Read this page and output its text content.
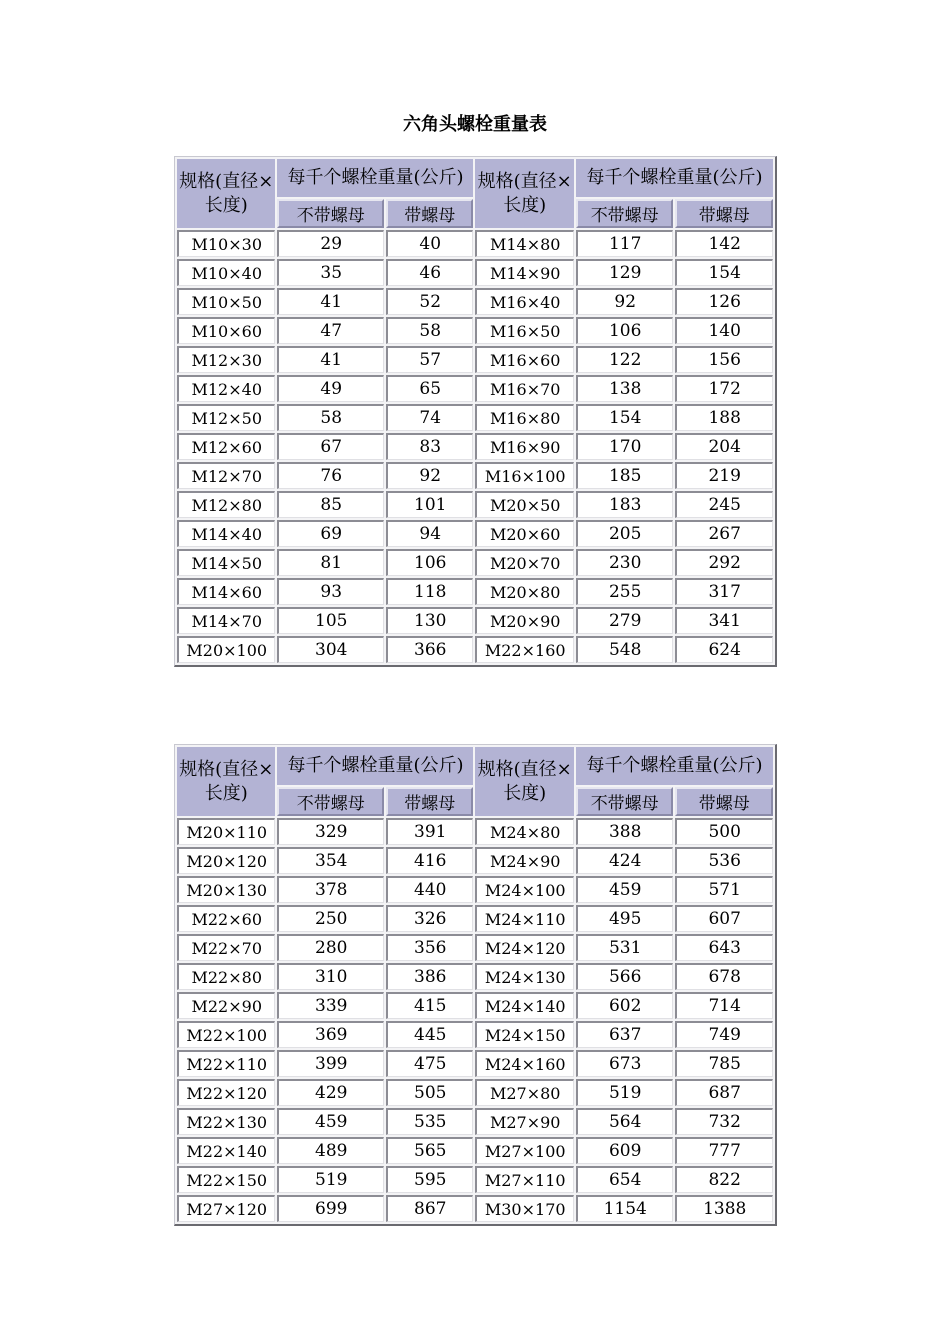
六角头螺栓重量表
规格(直径×长度)	每千个螺栓重量(公斤)		规格(直径×长度)	每千个螺栓重量(公斤)	
	不带螺母	带螺母		不带螺母	带螺母
M10×30	29	40	M14×80	117	142
M10×40	35	46	M14×90	129	154
M10×50	41	52	M16×40	92	126
M10×60	47	58	M16×50	106	140
M12×30	41	57	M16×60	122	156
M12×40	49	65	M16×70	138	172
M12×50	58	74	M16×80	154	188
M12×60	67	83	M16×90	170	204
M12×70	76	92	M16×100	185	219
M12×80	85	101	M20×50	183	245
M14×40	69	94	M20×60	205	267
M14×50	81	106	M20×70	230	292
M14×60	93	118	M20×80	255	317
M14×70	105	130	M20×90	279	341
M20×100	304	366	M22×160	548	624
规格(直径×长度)	每千个螺栓重量(公斤)		规格(直径×长度)	每千个螺栓重量(公斤)	
	不带螺母	带螺母		不带螺母	带螺母
M20×110	329	391	M24×80	388	500
M20×120	354	416	M24×90	424	536
M20×130	378	440	M24×100	459	571
M22×60	250	326	M24×110	495	607
M22×70	280	356	M24×120	531	643
M22×80	310	386	M24×130	566	678
M22×90	339	415	M24×140	602	714
M22×100	369	445	M24×150	637	749
M22×110	399	475	M24×160	673	785
M22×120	429	505	M27×80	519	687
M22×130	459	535	M27×90	564	732
M22×140	489	565	M27×100	609	777
M22×150	519	595	M27×110	654	822
M27×120	699	867	M30×170	1154	1388
